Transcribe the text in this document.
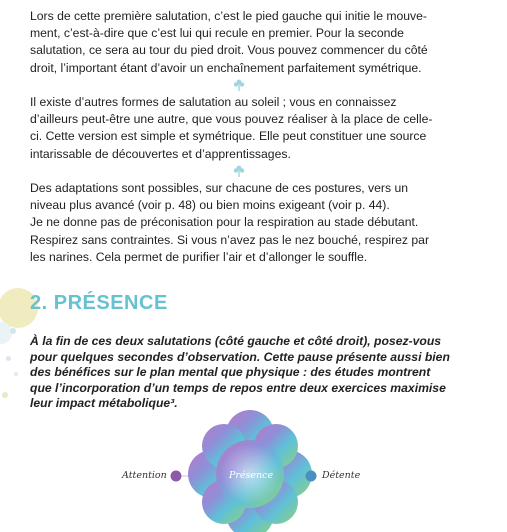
Lors de cette première salutation, c’est le pied gauche qui initie le mouve-
ment, c’est-à-dire que c’est lui qui recule en premier. Pour la seconde
salutation, ce sera au tour du pied droit. Vous pouvez commencer du côté
droit, l’important étant d’avoir un enchaînement parfaitement symétrique.

Il existe d’autres formes de salutation au soleil ; vous en connaissez
d’ailleurs peut-être une autre, que vous pouvez réaliser à la place de celle-
ci. Cette version est simple et symétrique. Elle peut constituer une source
intarissable de découvertes et d’apprentissages.

Des adaptations sont possibles, sur chacune de ces postures, vers un
niveau plus avancé (voir p. 48) ou bien moins exigeant (voir p. 44).
Je ne donne pas de préconisation pour la respiration au stade débutant.
Respirez sans contraintes. Si vous n’avez pas le nez bouché, respirez par
les narines. Cela permet de purifier l’air et d’allonger le souffle.

2. PRÉSENCE
À la fin de ces deux salutations (côté gauche et côté droit), posez-vous
pour quelques secondes d’observation. Cette pause présente aussi bien
des bénéfices sur le plan mental que physique : des études montrent
que l’incorporation d’un temps de repos entre deux exercices maximise
leur impact métabolique³.
Attention	Présence	Détente
